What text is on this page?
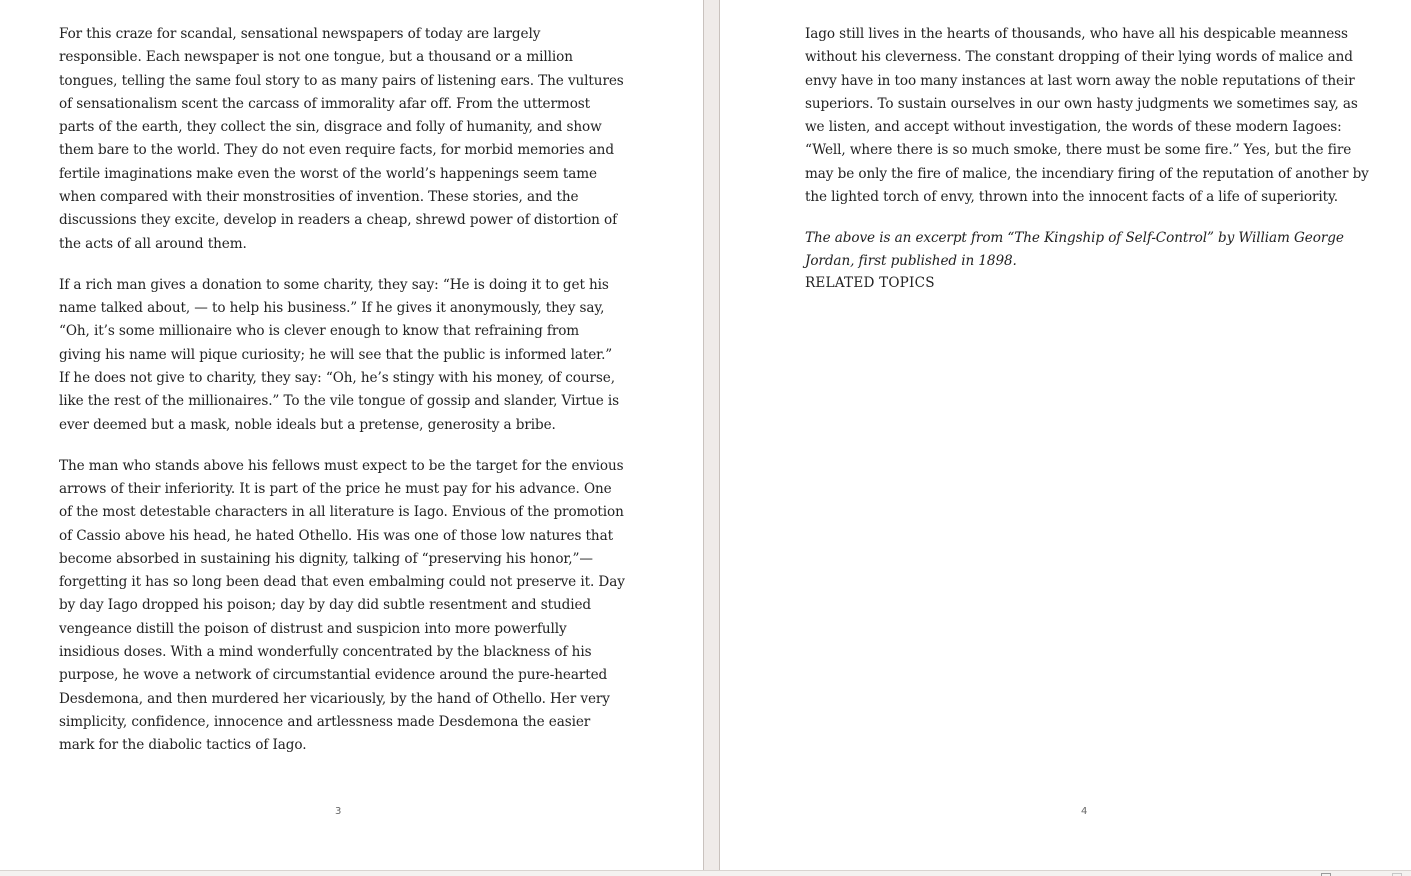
For this craze for scandal, sensational newspapers of today are largely responsible. Each newspaper is not one tongue, but a thousand or a million tongues, telling the same foul story to as many pairs of listening ears. The vultures of sensationalism scent the carcass of immorality afar off. From the uttermost parts of the earth, they collect the sin, disgrace and folly of humanity, and show them bare to the world. They do not even require facts, for morbid memories and fertile imaginations make even the worst of the world’s happenings seem tame when compared with their monstrosities of invention. These stories, and the discussions they excite, develop in readers a cheap, shrewd power of distortion of the acts of all around them.

If a rich man gives a donation to some charity, they say: “He is doing it to get his name talked about, — to help his business.” If he gives it anonymously, they say, “Oh, it’s some millionaire who is clever enough to know that refraining from giving his name will pique curiosity; he will see that the public is informed later.” If he does not give to charity, they say: “Oh, he’s stingy with his money, of course, like the rest of the millionaires.” To the vile tongue of gossip and slander, Virtue is ever deemed but a mask, noble ideals but a pretense, generosity a bribe.

The man who stands above his fellows must expect to be the target for the envious arrows of their inferiority. It is part of the price he must pay for his advance. One of the most detestable characters in all literature is Iago. Envious of the promotion of Cassio above his head, he hated Othello. His was one of those low natures that become absorbed in sustaining his dignity, talking of “preserving his honor,”—forgetting it has so long been dead that even embalming could not preserve it. Day by day Iago dropped his poison; day by day did subtle resentment and studied vengeance distill the poison of distrust and suspicion into more powerfully insidious doses. With a mind wonderfully concentrated by the blackness of his purpose, he wove a network of circumstantial evidence around the pure-hearted Desdemona, and then murdered her vicariously, by the hand of Othello. Her very simplicity, confidence, innocence and artlessness made Desdemona the easier mark for the diabolic tactics of Iago.

3

Iago still lives in the hearts of thousands, who have all his despicable meanness without his cleverness. The constant dropping of their lying words of malice and envy have in too many instances at last worn away the noble reputations of their superiors. To sustain ourselves in our own hasty judgments we sometimes say, as we listen, and accept without investigation, the words of these modern Iagoes: “Well, where there is so much smoke, there must be some fire.” Yes, but the fire may be only the fire of malice, the incendiary firing of the reputation of another by the lighted torch of envy, thrown into the innocent facts of a life of superiority.

The above is an excerpt from “The Kingship of Self-Control” by William George Jordan, first published in 1898.

RELATED TOPICS
4
